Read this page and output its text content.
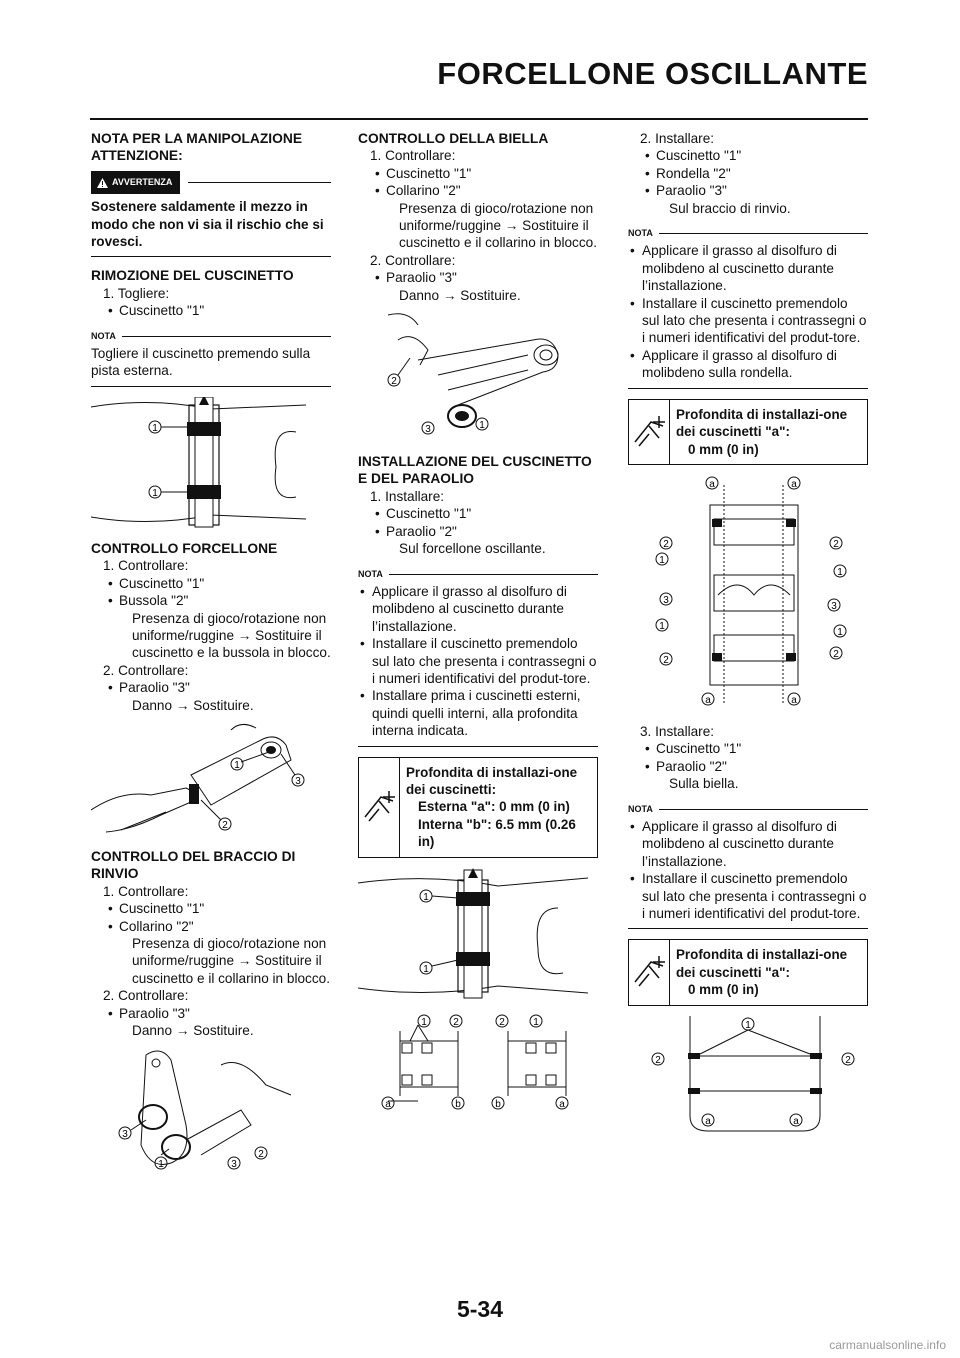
FORCELLONE OSCILLANTE

NOTA PER LA MANIPOLAZIONE

ATTENZIONE:

AVVERTENZA

Sostenere saldamente il mezzo in modo che non vi sia il rischio che si rovesci.

RIMOZIONE DEL CUSCINETTO

1. Togliere:

• Cuscinetto "1"

NOTA

Togliere il cuscinetto premendo sulla pista esterna.

1
1

CONTROLLO FORCELLONE

1. Controllare:

• Cuscinetto "1"

• Bussola "2"

Presenza di gioco/rotazione non uniforme/ruggine → Sostituire il cuscinetto e la bussola in blocco.

2. Controllare:

• Paraolio "3"

Danno → Sostituire.

1
3
2

CONTROLLO DEL BRACCIO DI RINVIO

1. Controllare:

• Cuscinetto "1"

• Collarino "2"

Presenza di gioco/rotazione non uniforme/ruggine → Sostituire il cuscinetto e il collarino in blocco.

2. Controllare:

• Paraolio "3"

Danno → Sostituire.

3
1	3
2

CONTROLLO DELLA BIELLA

1. Controllare:

• Cuscinetto "1"

• Collarino "2"

Presenza di gioco/rotazione non uniforme/ruggine → Sostituire il cuscinetto e il collarino in blocco.

2. Controllare:

• Paraolio "3"

Danno → Sostituire.

2
3	1

INSTALLAZIONE DEL CUSCINETTO E DEL PARAOLIO

1. Installare:

• Cuscinetto "1"

• Paraolio "2"

Sul forcellone oscillante.

NOTA

• Applicare il grasso al disolfuro di molibdeno al cuscinetto durante l’installazione.

• Installare il cuscinetto premendolo sul lato che presenta i contrassegni o i numeri identificativi del produt-tore.

• Installare prima i cuscinetti esterni, quindi quelli interni, alla profondita interna indicata.

Profondita di installazi-one dei cuscinetti:
Esterna "a": 0 mm (0 in)
Interna "b": 6.5 mm (0.26 in)
1
1
1	2
a	b
2	1
b	a

2. Installare:

• Cuscinetto "1"

• Rondella "2"

• Paraolio "3"

Sul braccio di rinvio.

NOTA

• Applicare il grasso al disolfuro di molibdeno al cuscinetto durante l’installazione.

• Installare il cuscinetto premendolo sul lato che presenta i contrassegni o i numeri identificativi del produt-tore.

• Applicare il grasso al disolfuro di molibdeno sulla rondella.

Profondita di installazi-one dei cuscinetti "a":
0 mm (0 in)
a	a
2
1
3
1
2
2
1
3
1
2
a	a

3. Installare:

• Cuscinetto "1"

• Paraolio "2"

Sulla biella.

NOTA

• Applicare il grasso al disolfuro di molibdeno al cuscinetto durante l’installazione.

• Installare il cuscinetto premendolo sul lato che presenta i contrassegni o i numeri identificativi del produt-tore.

Profondita di installazi-one dei cuscinetti "a":
0 mm (0 in)
1
2	2
a	a
5-34
carmanualsonline.info
